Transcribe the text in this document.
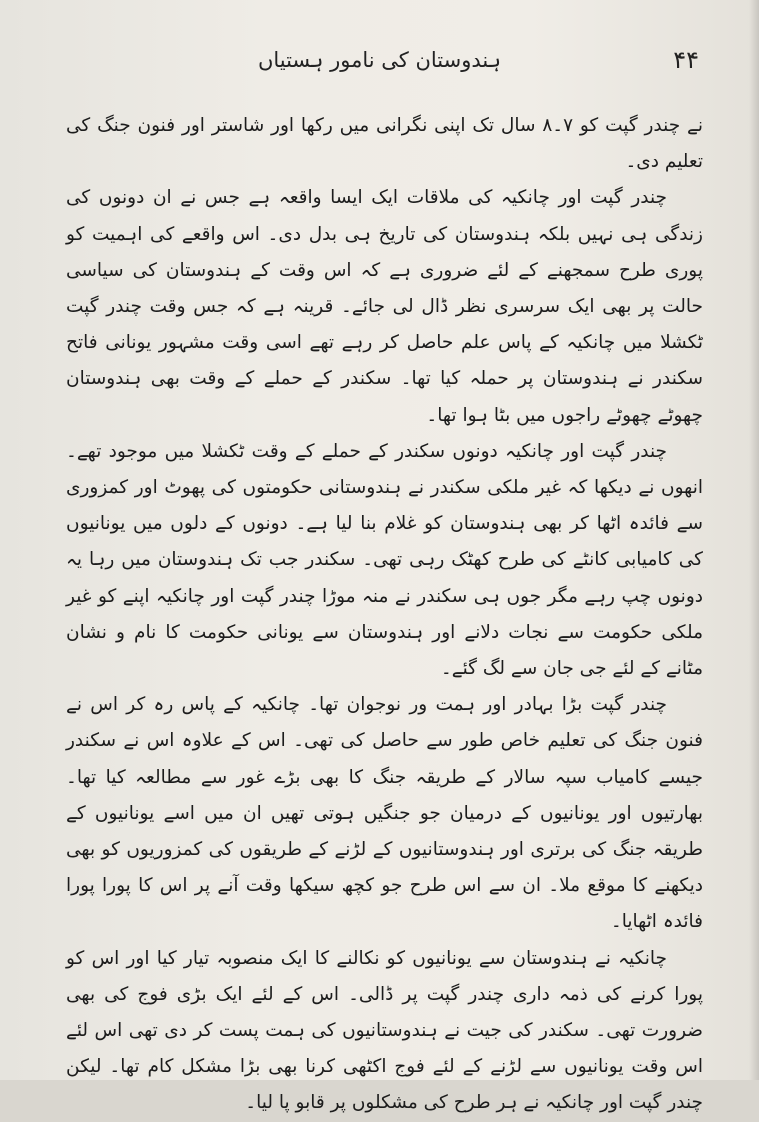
ہندوستان کی نامور ہستیاں	۴۴

نے چندر گپت کو ۷۔۸ سال تک اپنی نگرانی میں رکھا اور شاستر اور فنون جنگ کی تعلیم دی۔

چندر گپت اور چانکیہ کی ملاقات ایک ایسا واقعہ ہے جس نے ان دونوں کی زندگی ہی نہیں بلکہ ہندوستان کی تاریخ ہی بدل دی۔ اس واقعے کی اہمیت کو پوری طرح سمجھنے کے لئے ضروری ہے کہ اس وقت کے ہندوستان کی سیاسی حالت پر بھی ایک سرسری نظر ڈال لی جائے۔ قرینہ ہے کہ جس وقت چندر گپت ٹکشلا میں چانکیہ کے پاس علم حاصل کر رہے تھے اسی وقت مشہور یونانی فاتح سکندر نے ہندوستان پر حملہ کیا تھا۔ سکندر کے حملے کے وقت بھی ہندوستان چھوٹے چھوٹے راجوں میں بٹا ہوا تھا۔

چندر گپت اور چانکیہ دونوں سکندر کے حملے کے وقت ٹکشلا میں موجود تھے۔ انھوں نے دیکھا کہ غیر ملکی سکندر نے ہندوستانی حکومتوں کی پھوٹ اور کمزوری سے فائدہ اٹھا کر بھی ہندوستان کو غلام بنا لیا ہے۔ دونوں کے دلوں میں یونانیوں کی کامیابی کانٹے کی طرح کھٹک رہی تھی۔ سکندر جب تک ہندوستان میں رہا یہ دونوں چپ رہے مگر جوں ہی سکندر نے منہ موڑا چندر گپت اور چانکیہ اپنے کو غیر ملکی حکومت سے نجات دلانے اور ہندوستان سے یونانی حکومت کا نام و نشان مٹانے کے لئے جی جان سے لگ گئے۔

چندر گپت بڑا بہادر اور ہمت ور نوجوان تھا۔ چانکیہ کے پاس رہ کر اس نے فنون جنگ کی تعلیم خاص طور سے حاصل کی تھی۔ اس کے علاوہ اس نے سکندر جیسے کامیاب سپہ سالار کے طریقہ جنگ کا بھی بڑے غور سے مطالعہ کیا تھا۔ بھارتیوں اور یونانیوں کے درمیان جو جنگیں ہوتی تھیں ان میں اسے یونانیوں کے طریقہ جنگ کی برتری اور ہندوستانیوں کے لڑنے کے طریقوں کی کمزوریوں کو بھی دیکھنے کا موقع ملا۔ ان سے اس طرح جو کچھ سیکھا وقت آنے پر اس کا پورا پورا فائدہ اٹھایا۔

چانکیہ نے ہندوستان سے یونانیوں کو نکالنے کا ایک منصوبہ تیار کیا اور اس کو پورا کرنے کی ذمہ داری چندر گپت پر ڈالی۔ اس کے لئے ایک بڑی فوج کی بھی ضرورت تھی۔ سکندر کی جیت نے ہندوستانیوں کی ہمت پست کر دی تھی اس لئے اس وقت یونانیوں سے لڑنے کے لئے فوج اکٹھی کرنا بھی بڑا مشکل کام تھا۔ لیکن چندر گپت اور چانکیہ نے ہر طرح کی مشکلوں پر قابو پا لیا۔
